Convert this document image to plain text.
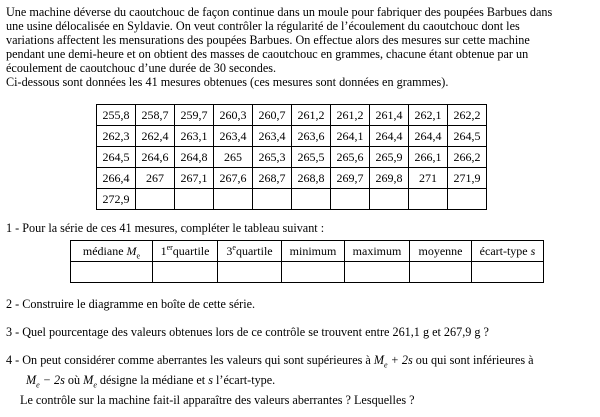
Une machine déverse du caoutchouc de façon continue dans un moule pour fabriquer des poupées Barbues dans

une usine délocalisée en Syldavie. On veut contrôler la régularité de l’écoulement du caoutchouc dont les

variations affectent les mensurations des poupées Barbues. On effectue alors des mesures sur cette machine

pendant une demi-heure et on obtient des masses de caoutchouc en grammes, chacune étant obtenue par un

écoulement de caoutchouc d’une durée de 30 secondes.

Ci-dessous sont données les 41 mesures obtenues (ces mesures sont données en grammes).

255,8	258,7	259,7	260,3	260,7	261,2	261,2	261,4	262,1	262,2
262,3	262,4	263,1	263,4	263,4	263,6	264,1	264,4	264,4	264,5
264,5	264,6	264,8	265	265,3	265,5	265,6	265,9	266,1	266,2
266,4	267	267,1	267,6	268,7	268,8	269,7	269,8	271	271,9
272,9									
1 - Pour la série de ces 41 mesures, compléter le tableau suivant :
médiane $M_e$	1erquartile	3equartile	minimum	maximum	moyenne	écart-type s

2 - Construire le diagramme en boîte de cette série.
3 - Quel pourcentage des valeurs obtenues lors de ce contrôle se trouvent entre 261,1 g et 267,9 g ?
4 - On peut considérer comme aberrantes les valeurs qui sont supérieures à $M_e + 2s$ ou qui sont inférieures à
$M_e - 2s$ où $M_e$ désigne la médiane et s l’écart-type.
Le contrôle sur la machine fait-il apparaître des valeurs aberrantes ? Lesquelles ?
